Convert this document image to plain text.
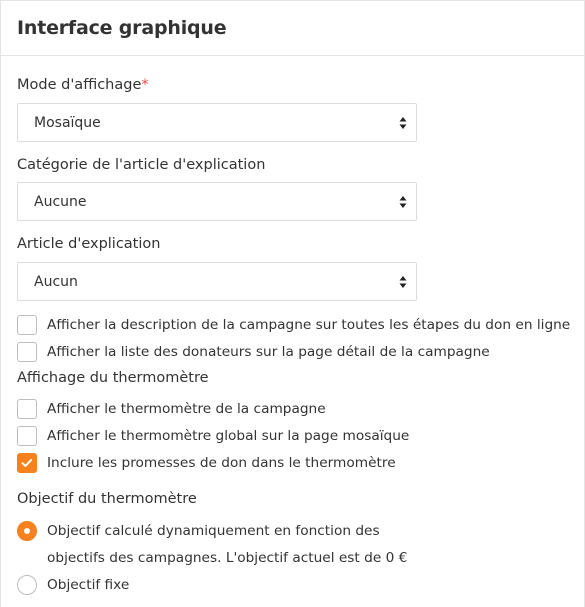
Interface graphique
Mode d'affichage*
Mosaïque
Catégorie de l'article d'explication
Aucune
Article d'explication
Aucun
Afficher la description de la campagne sur toutes les étapes du don en ligne
Afficher la liste des donateurs sur la page détail de la campagne
Affichage du thermomètre
Afficher le thermomètre de la campagne
Afficher le thermomètre global sur la page mosaïque
Inclure les promesses de don dans le thermomètre
Objectif du thermomètre
Objectif calculé dynamiquement en fonction des
objectifs des campagnes. L'objectif actuel est de 0 €
Objectif fixe
